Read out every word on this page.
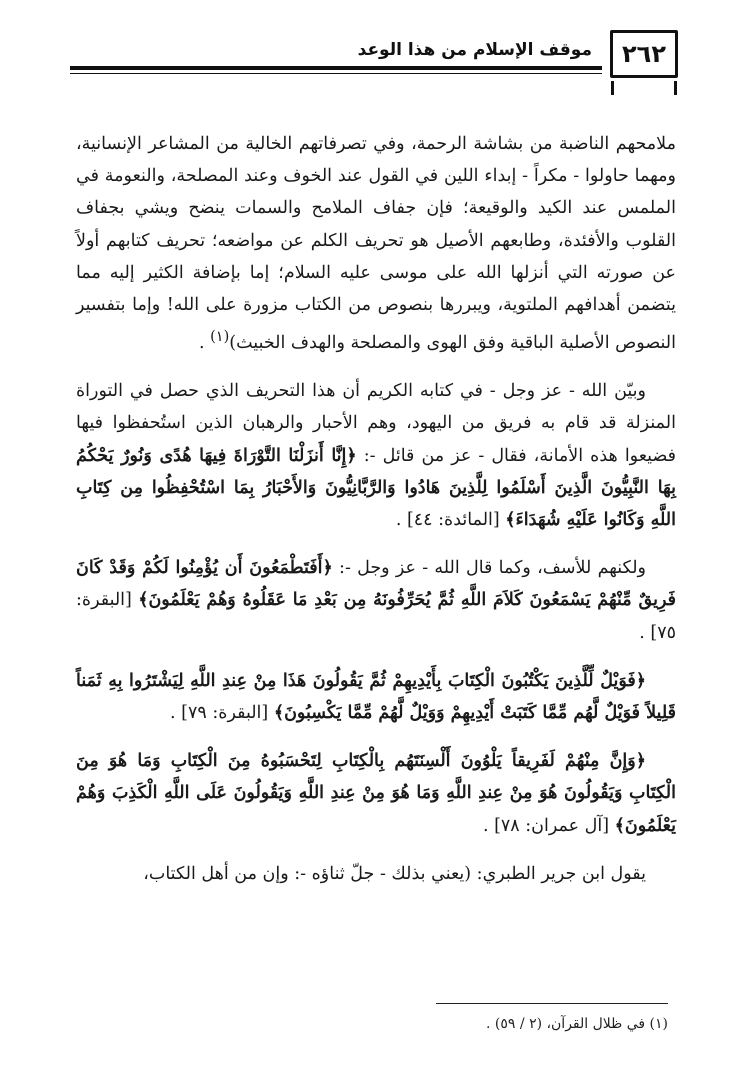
موقف الإسلام من هذا الوعد	٢٦٢

ملامحهم الناضبة من بشاشة الرحمة، وفي تصرفاتهم الخالية من المشاعر الإنسانية، ومهما حاولوا - مكراً - إبداء اللين في القول عند الخوف وعند المصلحة، والنعومة في الملمس عند الكيد والوقيعة؛ فإن جفاف الملامح والسمات ينضح ويشي بجفاف القلوب والأفئدة، وطابعهم الأصيل هو تحريف الكلم عن مواضعه؛ تحريف كتابهم أولاً عن صورته التي أنزلها الله على موسى عليه السلام؛ إما بإضافة الكثير إليه مما يتضمن أهدافهم الملتوية، ويبررها بنصوص من الكتاب مزورة على الله! وإما بتفسير النصوص الأصلية الباقية وفق الهوى والمصلحة والهدف الخبيث)$^{(١)}$ .

وبيّن الله - عز وجل - في كتابه الكريم أن هذا التحريف الذي حصل في التوراة المنزلة قد قام به فريق من اليهود، وهم الأحبار والرهبان الذين استُحفظوا فيها فضيعوا هذه الأمانة، فقال - عز من قائل -: ﴿إِنَّا أَنزَلْنَا التَّوْرَاةَ فِيهَا هُدًى وَنُورٌ يَحْكُمُ بِهَا النَّبِيُّونَ الَّذِينَ أَسْلَمُوا لِلَّذِينَ هَادُوا وَالرَّبَّانِيُّونَ وَالأَحْبَارُ بِمَا اسْتُحْفِظُوا مِن كِتَابِ اللَّهِ وَكَانُوا عَلَيْهِ شُهَدَاءَ﴾ [المائدة: ٤٤] .

ولكنهم للأسف، وكما قال الله - عز وجل -: ﴿أَفَتَطْمَعُونَ أَن يُؤْمِنُوا لَكُمْ وَقَدْ كَانَ فَرِيقٌ مِّنْهُمْ يَسْمَعُونَ كَلاَمَ اللَّهِ ثُمَّ يُحَرِّفُونَهُ مِن بَعْدِ مَا عَقَلُوهُ وَهُمْ يَعْلَمُونَ﴾ [البقرة: ٧٥] .

﴿فَوَيْلٌ لِّلَّذِينَ يَكْتُبُونَ الْكِتَابَ بِأَيْدِيهِمْ ثُمَّ يَقُولُونَ هَذَا مِنْ عِندِ اللَّهِ لِيَشْتَرُوا بِهِ ثَمَناً قَلِيلاً فَوَيْلٌ لَّهُم مِّمَّا كَتَبَتْ أَيْدِيهِمْ وَوَيْلٌ لَّهُمْ مِّمَّا يَكْسِبُونَ﴾ [البقرة: ٧٩] .

﴿وَإِنَّ مِنْهُمْ لَفَرِيقاً يَلْوُونَ أَلْسِنَتَهُم بِالْكِتَابِ لِتَحْسَبُوهُ مِنَ الْكِتَابِ وَمَا هُوَ مِنَ الْكِتَابِ وَيَقُولُونَ هُوَ مِنْ عِندِ اللَّهِ وَمَا هُوَ مِنْ عِندِ اللَّهِ وَيَقُولُونَ عَلَى اللَّهِ الْكَذِبَ وَهُمْ يَعْلَمُونَ﴾ [آل عمران: ٧٨] .

يقول ابن جرير الطبري: (يعني بذلك - جلّ ثناؤه -: وإن من أهل الكتاب،

(١) في ظلال القرآن، (٢ / ٥٩) .
